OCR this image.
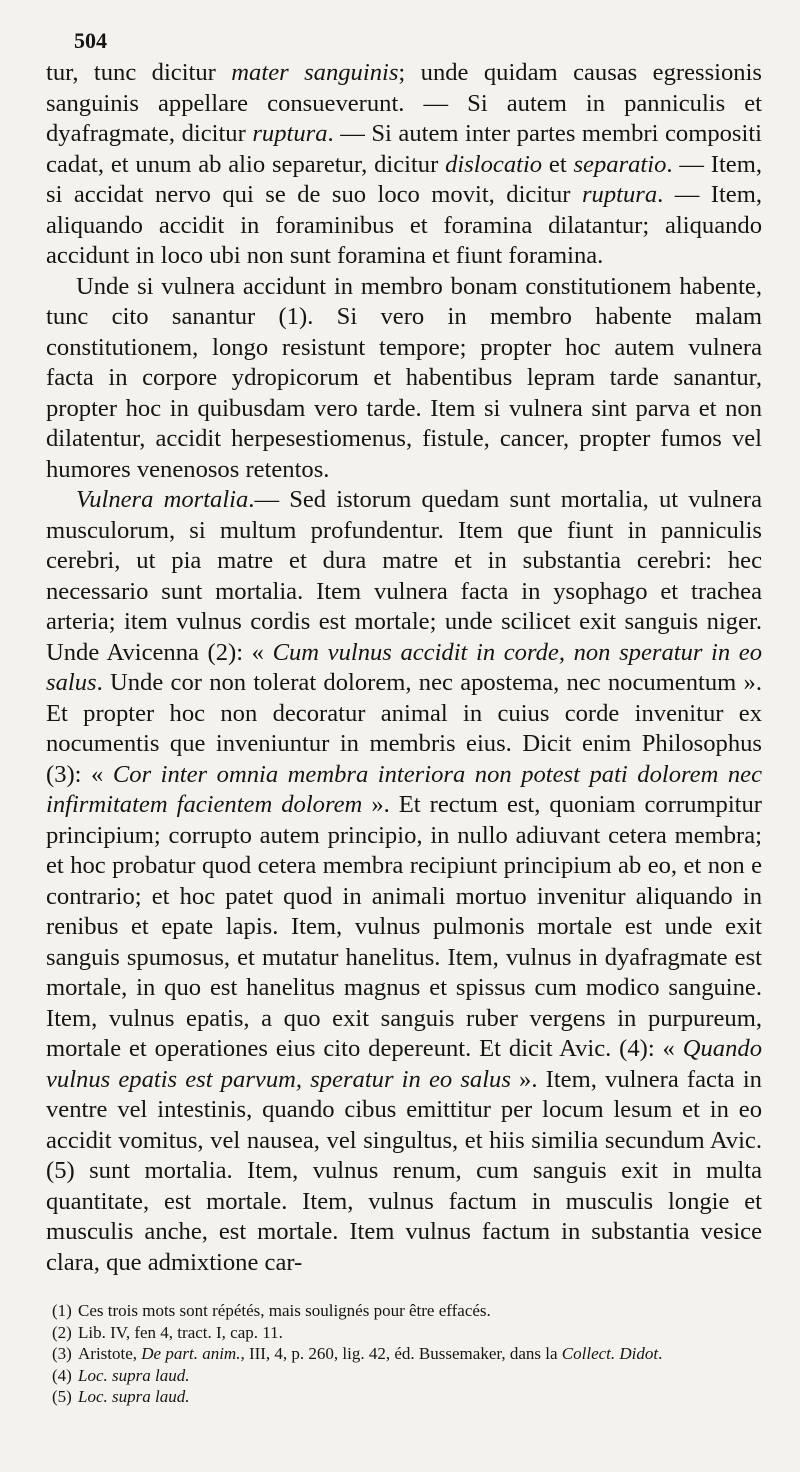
504

tur, tunc dicitur mater sanguinis; unde quidam causas egressionis sanguinis appellare consueverunt. — Si autem in panniculis et dyafragmate, dicitur ruptura. — Si autem inter partes membri compositi cadat, et unum ab alio separetur, dicitur dislocatio et separatio. — Item, si accidat nervo qui se de suo loco movit, dicitur ruptura. — Item, aliquando accidit in foraminibus et foramina dilatantur; aliquando accidunt in loco ubi non sunt foramina et fiunt foramina.

Unde si vulnera accidunt in membro bonam constitutionem habente, tunc cito sanantur (1). Si vero in membro habente malam constitutionem, longo resistunt tempore; propter hoc autem vulnera facta in corpore ydropicorum et habentibus lepram tarde sanantur, propter hoc in quibusdam vero tarde. Item si vulnera sint parva et non dilatentur, accidit herpesestiomenus, fistule, cancer, propter fumos vel humores venenosos retentos.

Vulnera mortalia.— Sed istorum quedam sunt mortalia, ut vulnera musculorum, si multum profundentur. Item que fiunt in panniculis cerebri, ut pia matre et dura matre et in substantia cerebri: hec necessario sunt mortalia. Item vulnera facta in ysophago et trachea arteria; item vulnus cordis est mortale; unde scilicet exit sanguis niger. Unde Avicenna (2): « Cum vulnus accidit in corde, non speratur in eo salus. Unde cor non tolerat dolorem, nec apostema, nec nocumentum ». Et propter hoc non decoratur animal in cuius corde invenitur ex nocumentis que inveniuntur in membris eius. Dicit enim Philosophus (3): « Cor inter omnia membra interiora non potest pati dolorem nec infirmitatem facientem dolorem ». Et rectum est, quoniam corrumpitur principium; corrupto autem principio, in nullo adiuvant cetera membra; et hoc probatur quod cetera membra recipiunt principium ab eo, et non e contrario; et hoc patet quod in animali mortuo invenitur aliquando in renibus et epate lapis. Item, vulnus pulmonis mortale est unde exit sanguis spumosus, et mutatur hanelitus. Item, vulnus in dyafragmate est mortale, in quo est hanelitus magnus et spissus cum modico sanguine. Item, vulnus epatis, a quo exit sanguis ruber vergens in purpureum, mortale et operationes eius cito depereunt. Et dicit Avic. (4): « Quando vulnus epatis est parvum, speratur in eo salus ». Item, vulnera facta in ventre vel intestinis, quando cibus emittitur per locum lesum et in eo accidit vomitus, vel nausea, vel singultus, et hiis similia secundum Avic. (5) sunt mortalia. Item, vulnus renum, cum sanguis exit in multa quantitate, est mortale. Item, vulnus factum in musculis longie et musculis anche, est mortale. Item vulnus factum in substantia vesice clara, que admixtione car-

(1) Ces trois mots sont répétés, mais soulignés pour être effacés.

(2) Lib. IV, fen 4, tract. I, cap. 11.

(3) Aristote, De part. anim., III, 4, p. 260, lig. 42, éd. Bussemaker, dans la Collect. Didot.

(4) Loc. supra laud.

(5) Loc. supra laud.
